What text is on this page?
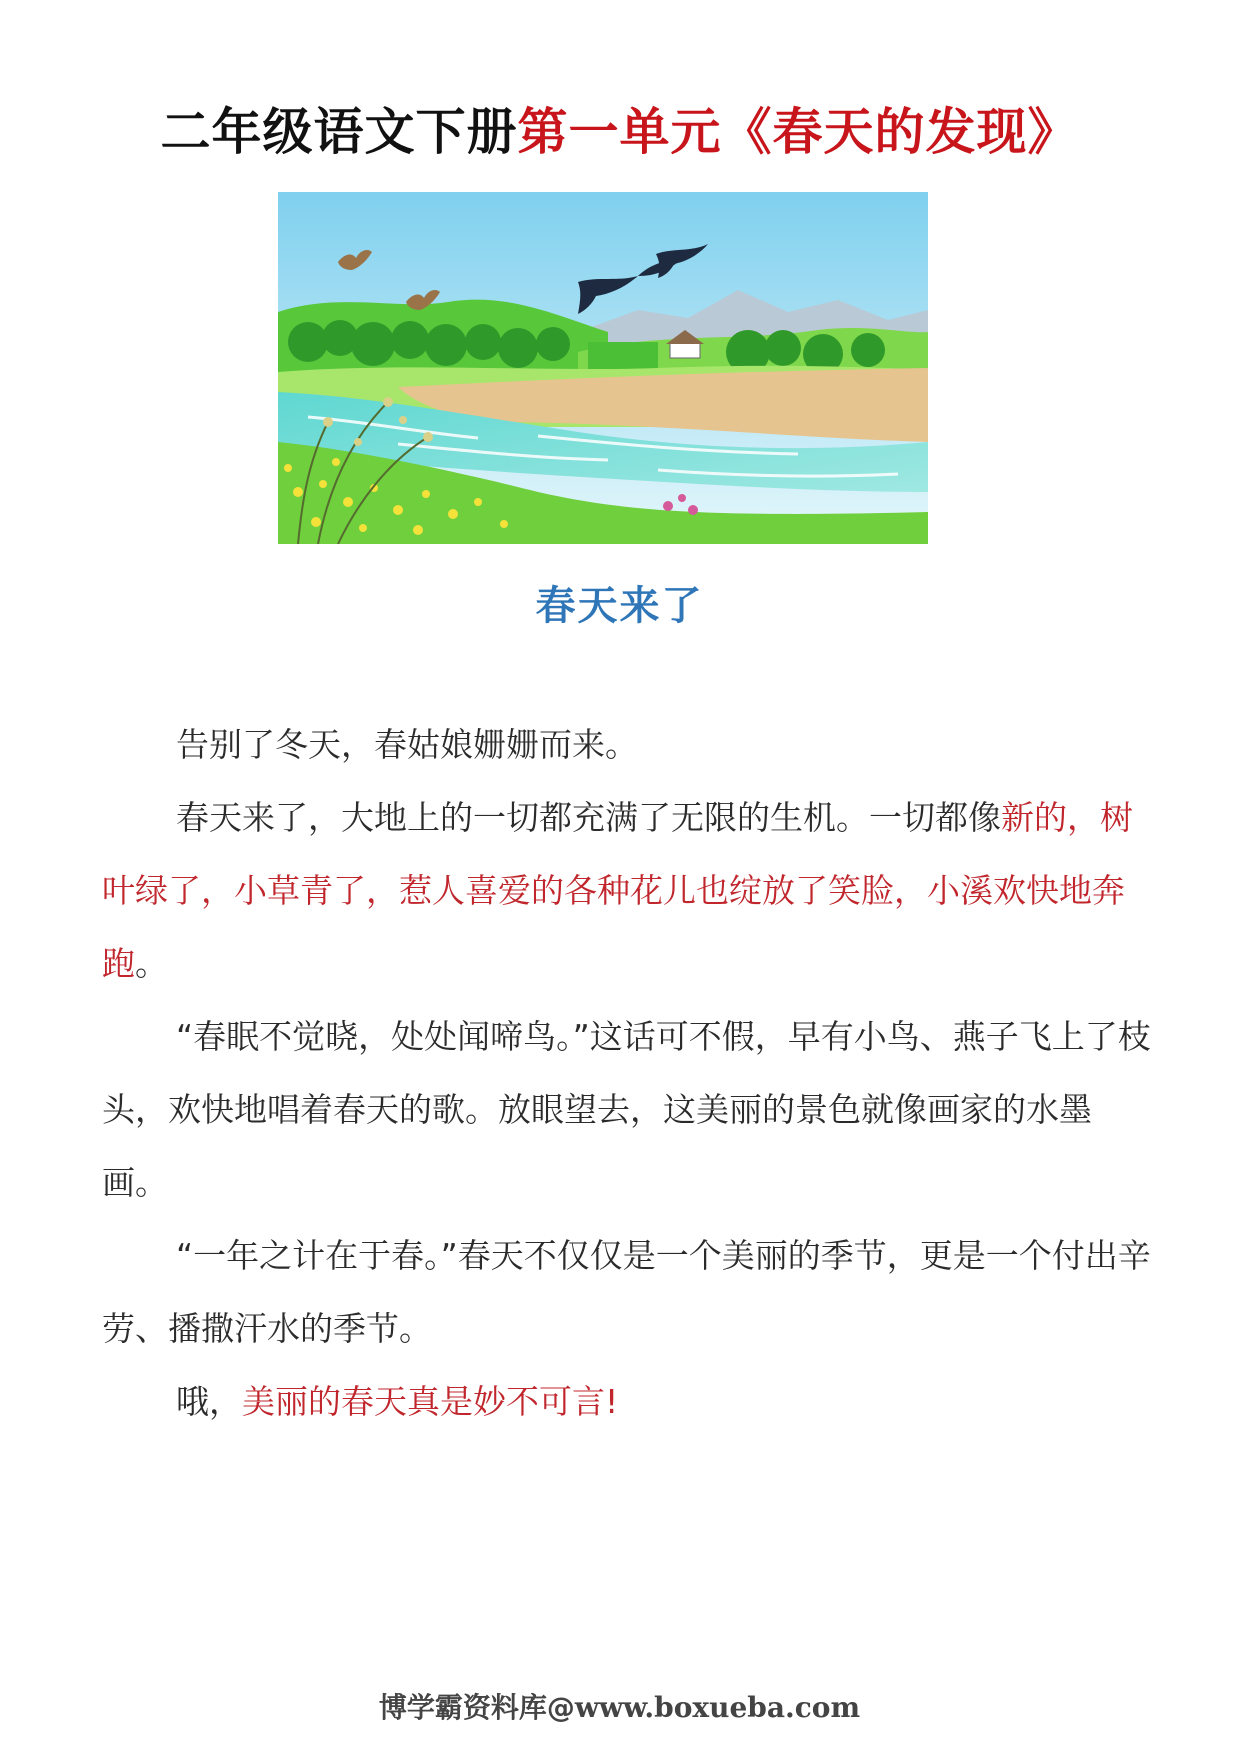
二年级语文下册第一单元《春天的发现》
春天来了

告别了冬天，春姑娘姗姗而来。

春天来了，大地上的一切都充满了无限的生机。一切都像新的，树叶绿了，小草青了，惹人喜爱的各种花儿也绽放了笑脸，小溪欢快地奔跑。

“春眠不觉晓，处处闻啼鸟。”这话可不假，早有小鸟、燕子飞上了枝头，欢快地唱着春天的歌。放眼望去，这美丽的景色就像画家的水墨画。

“一年之计在于春。”春天不仅仅是一个美丽的季节，更是一个付出辛劳、播撒汗水的季节。

哦，美丽的春天真是妙不可言!

博学霸资料库@www.boxueba.com
